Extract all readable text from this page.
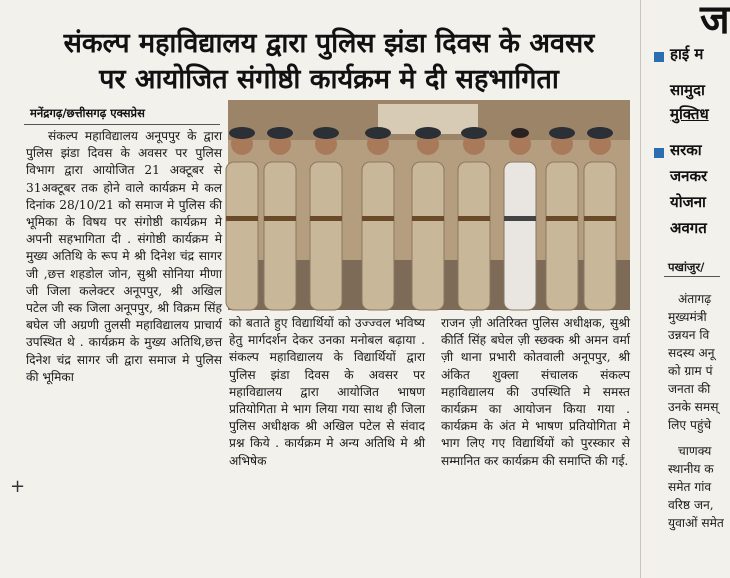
संकल्प महाविद्यालय द्वारा पुलिस झंडा दिवस के अवसर
पर आयोजित संगोष्ठी कार्यक्रम मे दी सहभागिता
मनेंद्रगढ़/छत्तीसगढ़ एक्सप्रेस

संकल्प महाविद्यालय अनूपपुर के द्वारा पुलिस झंडा दिवस के अवसर पर पुलिस विभाग द्वारा आयोजित 21 अक्टूबर से 31अक्टूबर तक होने वाले कार्यक्रम मे कल दिनांक 28/10/21 को समाज मे पुलिस की भूमिका के विषय पर संगोष्ठी कार्यक्रम मे अपनी सहभागिता दी . संगोष्ठी कार्यक्रम मे मुख्य अतिथि के रूप मे श्री दिनेश चंद्र सागर जी ,छत्त शहडोल जोन, सुश्री सोनिया मीणा जी जिला कलेक्टर अनूपपुर, श्री अखिल पटेल जी स्क जिला अनूपपुर, श्री विक्रम सिंह बघेल जी अग्रणी तुलसी महाविद्यालय प्राचार्य उपस्थित थे . कार्यक्रम के मुख्य अतिथि,छत्त दिनेश चंद्र सागर जी द्वारा समाज मे पुलिस की भूमिका

को बताते हुए विद्यार्थियों को उज्ज्वल भविष्य हेतु मार्गदर्शन देकर उनका मनोबल बढ़ाया . संकल्प महाविद्यालय के विद्यार्थियों द्वारा पुलिस झंडा दिवस के अवसर पर महाविद्यालय द्वारा आयोजित भाषण प्रतियोगिता मे भाग लिया गया साथ ही जिला पुलिस अधीक्षक श्री अखिल पटेल से संवाद प्रश्न किये . कार्यक्रम मे अन्य अतिथि मे श्री अभिषेक

राजन ज़ी अतिरिक्त पुलिस अधीक्षक, सुश्री कीर्ति सिंह बघेल ज़ी स्छक्क श्री अमन वर्मा ज़ी थाना प्रभारी कोतवाली अनूपपुर, श्री अंकित शुक्ला संचालक संकल्प महाविद्यालय की उपस्थिति मे समस्त कार्यक्रम का आयोजन किया गया . कार्यक्रम के अंत मे भाषण प्रतियोगिता मे भाग लिए गए विद्यार्थियों को पुरस्कार से सम्मानित कर कार्यक्रम की समाप्ति की गई.

+
ज
हाई म
सामुदा
मुक्तिध
सरका
जनकर
योजना
अवगत
पखांजुर/
अंतागढ़
मुख्यमंत्री
उन्नयन वि
सदस्य अनू
को ग्राम पं
जनता की
उनके समस्
लिए पहुंचे
चाणक्य
स्थानीय क
समेत गांव
वरिष्ठ जन,
युवाओं समेत
